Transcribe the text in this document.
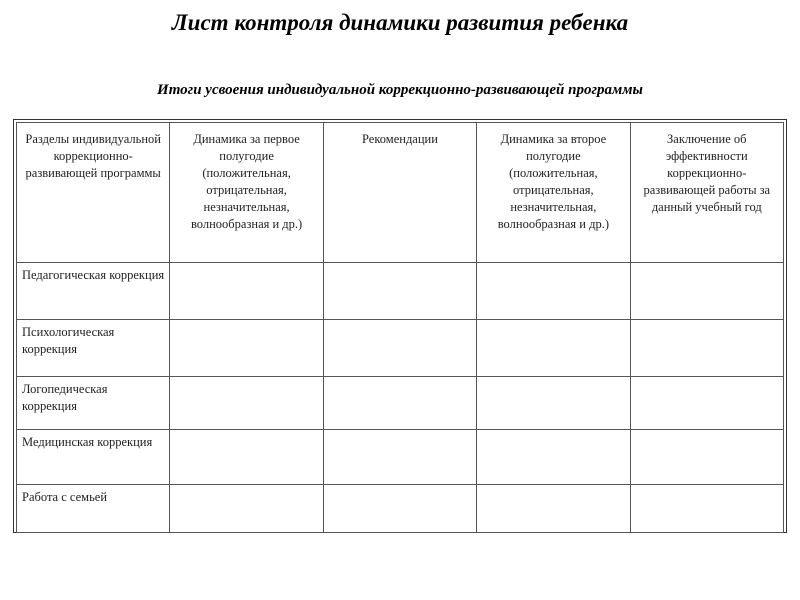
Лист контроля динамики развития ребенка
Итоги усвоения индивидуальной коррекционно-развивающей программы
Разделы индивидуальной коррекционно-развивающей программы	Динамика за первое полугодие (положительная, отрицательная, незначительная, волнообразная и др.)	Рекомендации	Динамика за второе полугодие (положительная, отрицательная, незначительная, волнообразная и др.)	Заключение об эффективности коррекционно-развивающей работы за данный учебный год
Педагогическая коррекция				
Психологическая коррекция				
Логопедическая коррекция				
Медицинская коррекция				
Работа с семьей				
